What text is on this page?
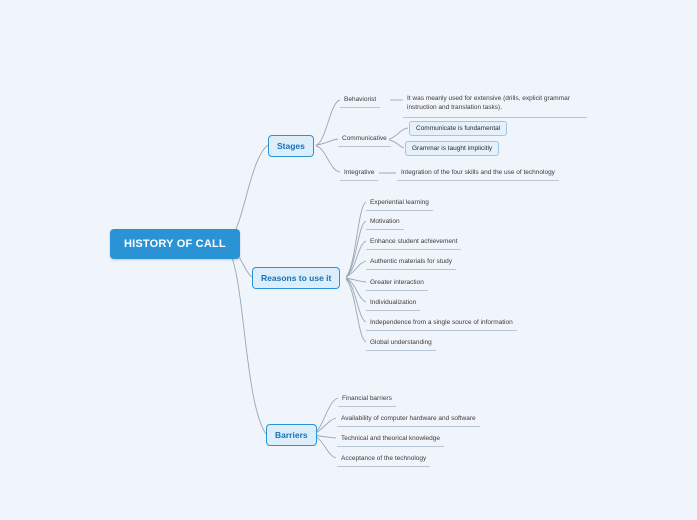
HISTORY OF CALL
Stages
Behaviorist	It was meanly used for extensive (drills, explicit grammar instruction and translation tasks).
Communicative
Communicate is fundamental
Grammar is taught implicitly
Integrative	Integration of the four skills and the use of technology
Reasons to use it
Experiential learning
Motivation
Enhance student achievement
Authentic materials for study
Greater interaction
Individualization
Independence from a single source of information
Global understanding
Barriers
Financial barriers
Availability of computer hardware and software
Technical and theorical knowledge
Acceptance of the technology
